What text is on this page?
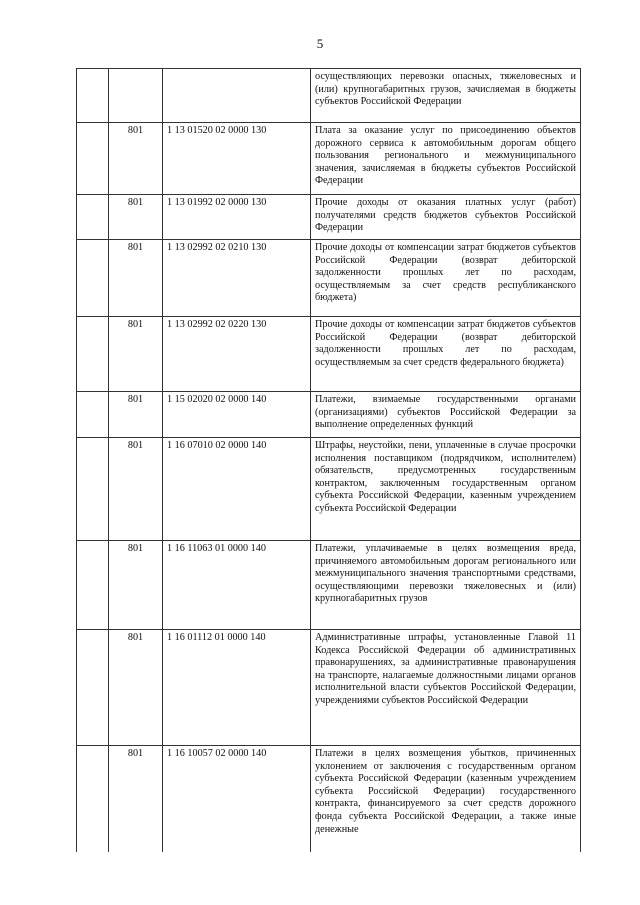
5
			осуществляющих перевозки опасных, тяжеловесных и (или) крупногабаритных грузов, зачисляемая в бюджеты субъектов Российской Федерации
	801	1 13 01520 02 0000 130	Плата за оказание услуг по присоединению объектов дорожного сервиса к автомобильным дорогам общего пользования регионального и межмуниципального значения, зачисляемая в бюджеты субъектов Российской Федерации
	801	1 13 01992 02 0000 130	Прочие доходы от оказания платных услуг (работ) получателями средств бюджетов субъектов Российской Федерации
	801	1 13 02992 02 0210 130	Прочие доходы от компенсации затрат бюджетов субъектов Российской Федерации (возврат дебиторской задолженности прошлых лет по расходам, осуществляемым за счет средств республиканского бюджета)
	801	1 13 02992 02 0220 130	Прочие доходы от компенсации затрат бюджетов субъектов Российской Федерации (возврат дебиторской задолженности прошлых лет по расходам, осуществляемым за счет средств федерального бюджета)
	801	1 15 02020 02 0000 140	Платежи, взимаемые государственными органами (организациями) субъектов Российской Федерации за выполнение определенных функций
	801	1 16 07010 02 0000 140	Штрафы, неустойки, пени, уплаченные в случае просрочки исполнения поставщиком (подрядчиком, исполнителем) обязательств, предусмотренных государственным контрактом, заключенным государственным органом субъекта Российской Федерации, казенным учреждением субъекта Российской Федерации
	801	1 16 11063 01 0000 140	Платежи, уплачиваемые в целях возмещения вреда, причиняемого автомобильным дорогам регионального или межмуниципального значения транспортными средствами, осуществляющими перевозки тяжеловесных и (или) крупногабаритных грузов
	801	1 16 01112 01 0000 140	Административные штрафы, установленные Главой 11 Кодекса Российской Федерации об административных правонарушениях, за административные правонарушения на транспорте, налагаемые должностными лицами органов исполнительной власти субъектов Российской Федерации, учреждениями субъектов Российской Федерации
	801	1 16 10057 02 0000 140	Платежи в целях возмещения убытков, причиненных уклонением от заключения с государственным органом субъекта Российской Федерации (казенным учреждением субъекта Российской Федерации) государственного контракта, финансируемого за счет средств дорожного фонда субъекта Российской Федерации, а также иные денежные
